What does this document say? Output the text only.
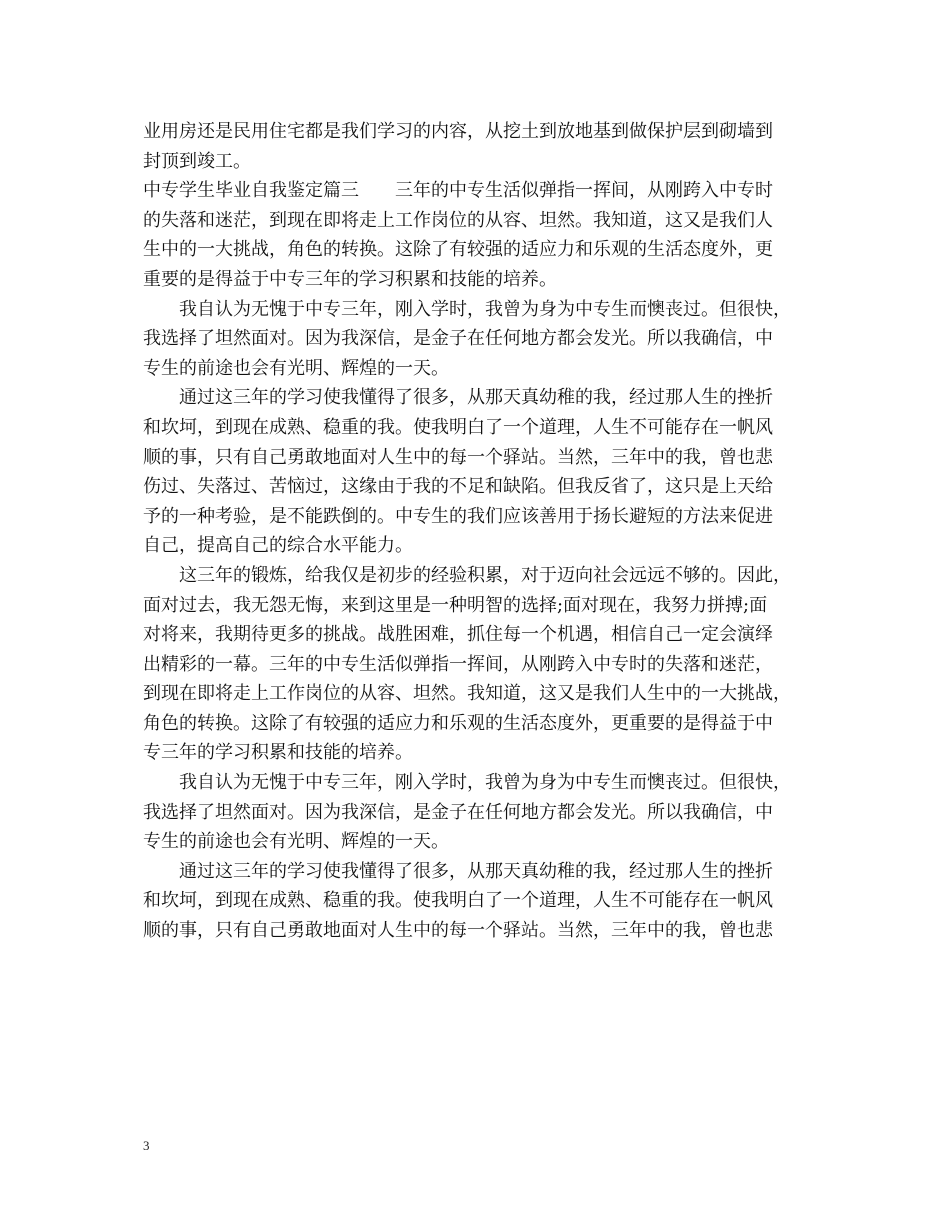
业用房还是民用住宅都是我们学习的内容，从挖土到放地基到做保护层到砌墙到
封顶到竣工。
中专学生毕业自我鉴定篇三　　三年的中专生活似弹指一挥间，从刚跨入中专时
的失落和迷茫，到现在即将走上工作岗位的从容、坦然。我知道，这又是我们人
生中的一大挑战，角色的转换。这除了有较强的适应力和乐观的生活态度外，更
重要的是得益于中专三年的学习积累和技能的培养。
我自认为无愧于中专三年，刚入学时，我曾为身为中专生而懊丧过。但很快，
我选择了坦然面对。因为我深信，是金子在任何地方都会发光。所以我确信，中
专生的前途也会有光明、辉煌的一天。
通过这三年的学习使我懂得了很多，从那天真幼稚的我，经过那人生的挫折
和坎坷，到现在成熟、稳重的我。使我明白了一个道理，人生不可能存在一帆风
顺的事，只有自己勇敢地面对人生中的每一个驿站。当然，三年中的我，曾也悲
伤过、失落过、苦恼过，这缘由于我的不足和缺陷。但我反省了，这只是上天给
予的一种考验，是不能跌倒的。中专生的我们应该善用于扬长避短的方法来促进
自己，提高自己的综合水平能力。
这三年的锻炼，给我仅是初步的经验积累，对于迈向社会远远不够的。因此，
面对过去，我无怨无悔，来到这里是一种明智的选择;面对现在，我努力拼搏;面
对将来，我期待更多的挑战。战胜困难，抓住每一个机遇，相信自己一定会演绎
出精彩的一幕。三年的中专生活似弹指一挥间，从刚跨入中专时的失落和迷茫，
到现在即将走上工作岗位的从容、坦然。我知道，这又是我们人生中的一大挑战，
角色的转换。这除了有较强的适应力和乐观的生活态度外，更重要的是得益于中
专三年的学习积累和技能的培养。
我自认为无愧于中专三年，刚入学时，我曾为身为中专生而懊丧过。但很快，
我选择了坦然面对。因为我深信，是金子在任何地方都会发光。所以我确信，中
专生的前途也会有光明、辉煌的一天。
通过这三年的学习使我懂得了很多，从那天真幼稚的我，经过那人生的挫折
和坎坷，到现在成熟、稳重的我。使我明白了一个道理，人生不可能存在一帆风
顺的事，只有自己勇敢地面对人生中的每一个驿站。当然，三年中的我，曾也悲
3
